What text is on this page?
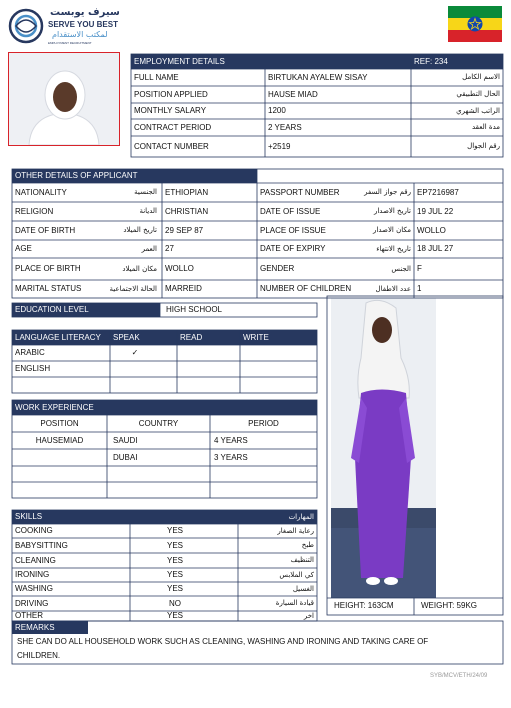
سيرف يوبست
SERVE YOU BEST
لمكتب الاستقدام
EMPLOYMENT RECRUITMENT
EMPLOYMENT DETAILS	REF: 234
FULL NAME	BIRTUKAN AYALEW SISAY	الاسم الكامل
POSITION APPLIED	HAUSE MIAD	الحال التطبيقي
MONTHLY SALARY	1200	الراتب الشهري
CONTRACT PERIOD	2 YEARS	مدة العقد
CONTACT NUMBER	+2519	رقم الجوال
OTHER DETAILS OF APPLICANT
NATIONALITY	الجنسية	ETHIOPIAN	PASSPORT NUMBER	رقم جواز السفر EP7216987
RELIGION	الديانة	CHRISTIAN	DATE OF ISSUE	تاريخ الاصدار 19 JUL 22
DATE OF BIRTH	تاريخ الميلاد	29 SEP 87	PLACE OF ISSUE	مكان الاصدار WOLLO
AGE	العمر	27	DATE OF EXPIRY	تاريخ الانتهاء 18 JUL 27
PLACE OF BIRTH	مكان الميلاد	WOLLO	GENDER	الجنس F
MARITAL STATUS	الحالة الاجتماعية	MARREID	NUMBER OF CHILDREN	عدد الاطفال 1
EDUCATION LEVEL	HIGH SCHOOL
LANGUAGE LITERACY	SPEAK	READ	WRITE
ARABIC	✓
ENGLISH
WORK EXPERIENCE
POSITION	COUNTRY	PERIOD
HAUSEMIAD	SAUDI	4 YEARS
DUBAI	3 YEARS
SKILLS	المهارات
COOKING	YES	رعاية الصغار
BABYSITTING	YES	طبخ
CLEANING	YES	التنظيف
IRONING	YES	كي الملابس
WASHING	YES	الغسيل
DRIVING	NO	قيادة السيارة
OTHER	YES	اخر
HEIGHT: 163CM	WEIGHT: 59KG
REMARKS
SHE CAN DO ALL HOUSEHOLD WORK SUCH AS CLEANING, WASHING AND IRONING AND TAKING CARE OF
CHILDREN.
SYB/MCV/ETH/24/09
